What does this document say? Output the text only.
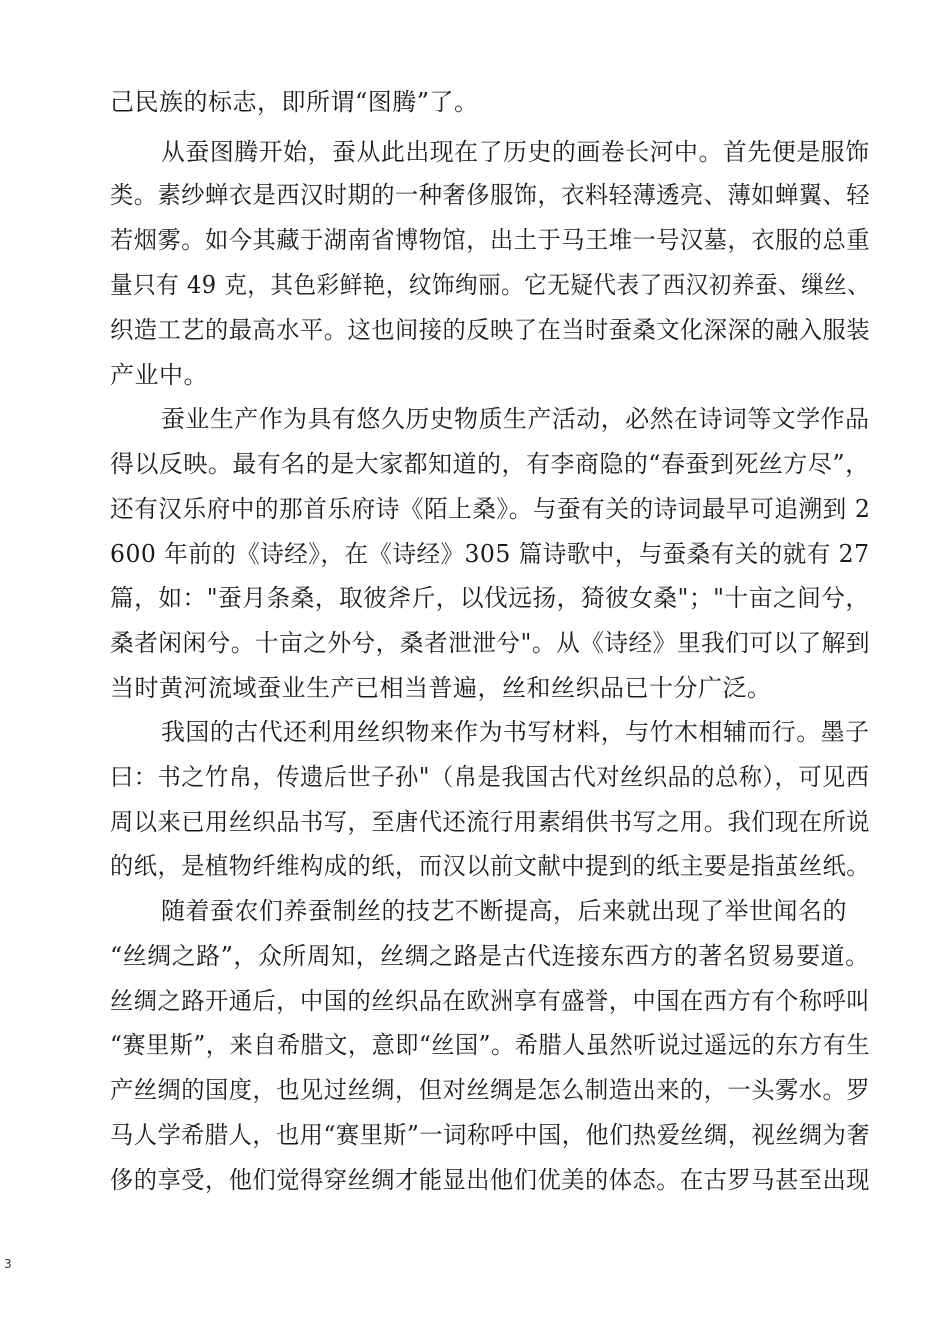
己民族的标志，即所谓“图腾”了。
从蚕图腾开始，蚕从此出现在了历史的画卷长河中。首先便是服饰
类。素纱蝉衣是西汉时期的一种奢侈服饰，衣料轻薄透亮、薄如蝉翼、轻
若烟雾。如今其藏于湖南省博物馆，出土于马王堆一号汉墓，衣服的总重
量只有 49 克，其色彩鲜艳，纹饰绚丽。它无疑代表了西汉初养蚕、缫丝、
织造工艺的最高水平。这也间接的反映了在当时蚕桑文化深深的融入服装
产业中。
蚕业生产作为具有悠久历史物质生产活动，必然在诗词等文学作品
得以反映。最有名的是大家都知道的，有李商隐的“春蚕到死丝方尽”，
还有汉乐府中的那首乐府诗《陌上桑》。与蚕有关的诗词最早可追溯到 2
600 年前的《诗经》，在《诗经》305 篇诗歌中，与蚕桑有关的就有 27
篇，如："蚕月条桑，取彼斧斤，以伐远扬，猗彼女桑"；"十亩之间兮，
桑者闲闲兮。十亩之外兮，桑者泄泄兮"。从《诗经》里我们可以了解到
当时黄河流域蚕业生产已相当普遍，丝和丝织品已十分广泛。
我国的古代还利用丝织物来作为书写材料，与竹木相辅而行。墨子
曰：书之竹帛，传遗后世子孙"（帛是我国古代对丝织品的总称），可见西
周以来已用丝织品书写，至唐代还流行用素绢供书写之用。我们现在所说
的纸，是植物纤维构成的纸，而汉以前文献中提到的纸主要是指茧丝纸。
随着蚕农们养蚕制丝的技艺不断提高，后来就出现了举世闻名的
“丝绸之路”，众所周知，丝绸之路是古代连接东西方的著名贸易要道。
丝绸之路开通后，中国的丝织品在欧洲享有盛誉，中国在西方有个称呼叫
“赛里斯”，来自希腊文，意即“丝国”。希腊人虽然听说过遥远的东方有生
产丝绸的国度，也见过丝绸，但对丝绸是怎么制造出来的，一头雾水。罗
马人学希腊人，也用“赛里斯”一词称呼中国，他们热爱丝绸，视丝绸为奢
侈的享受，他们觉得穿丝绸才能显出他们优美的体态。在古罗马甚至出现
3
